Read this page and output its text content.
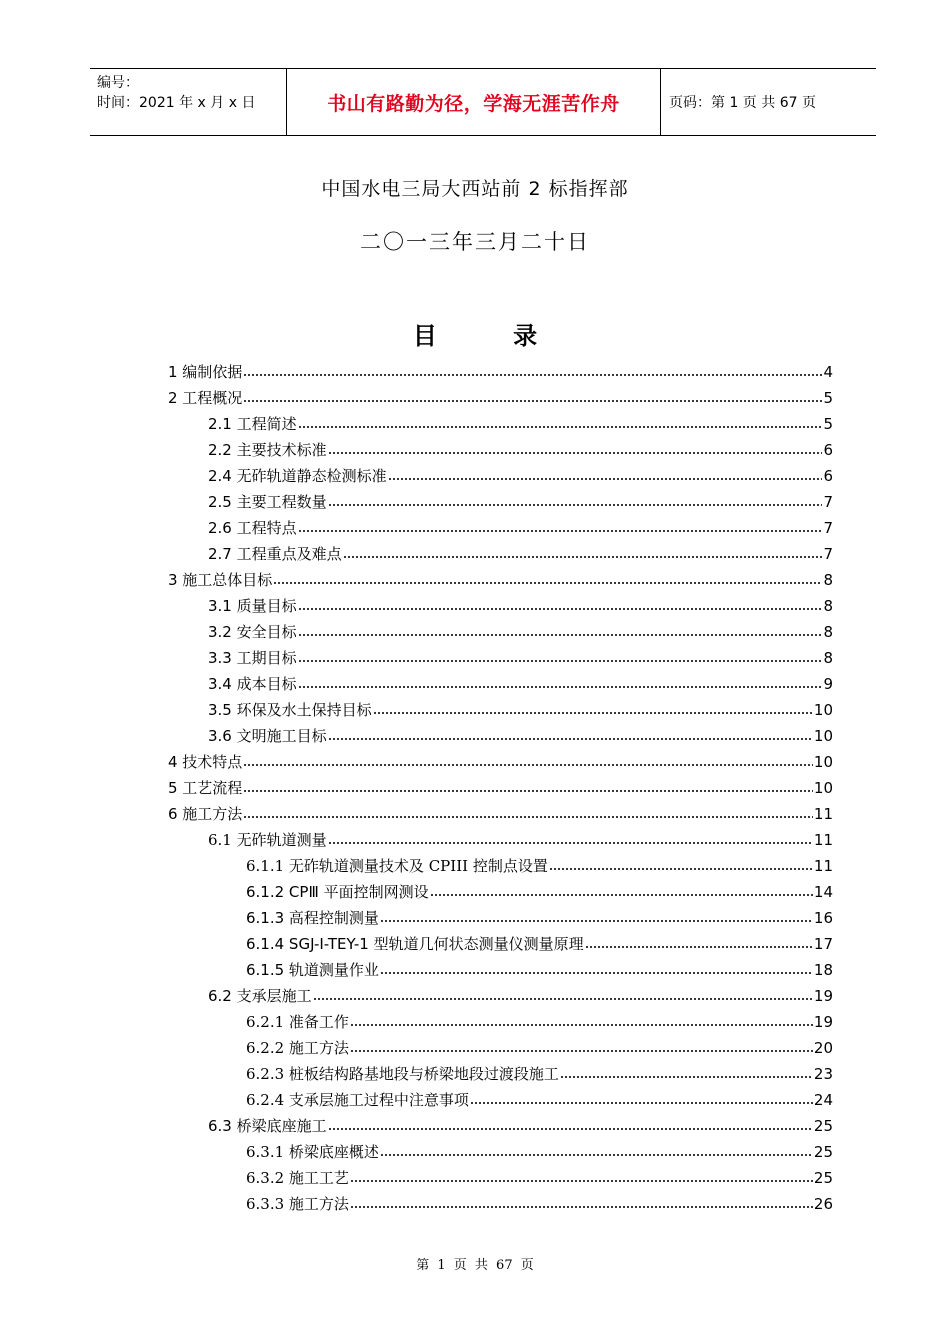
编号：
时间：2021 年 x 月 x 日	书山有路勤为径，学海无涯苦作舟	页码：第 1 页 共 67 页
中国水电三局大西站前 2 标指挥部
二〇一三年三月二十日
目 录
1 编制依据	4
2 工程概况	5
2.1 工程简述	5
2.2 主要技术标准	6
2.4 无砟轨道静态检测标准	6
2.5 主要工程数量	7
2.6 工程特点	7
2.7 工程重点及难点	7
3 施工总体目标	8
3.1 质量目标	8
3.2 安全目标	8
3.3 工期目标	8
3.4 成本目标	9
3.5 环保及水土保持目标	10
3.6 文明施工目标	10
4 技术特点	10
5 工艺流程	10
6 施工方法	11
6.1 无砟轨道测量	11
6.1.1 无砟轨道测量技术及 CPIII 控制点设置	11
6.1.2 CPⅢ 平面控制网测设	14
6.1.3 高程控制测量	16
6.1.4 SGJ-I-TEY-1 型轨道几何状态测量仪测量原理	17
6.1.5 轨道测量作业	18
6.2 支承层施工	19
6.2.1 准备工作	19
6.2.2 施工方法	20
6.2.3 桩板结构路基地段与桥梁地段过渡段施工	23
6.2.4 支承层施工过程中注意事项	24
6.3 桥梁底座施工	25
6.3.1 桥梁底座概述	25
6.3.2 施工工艺	25
6.3.3 施工方法	26
第 1 页 共 67 页
